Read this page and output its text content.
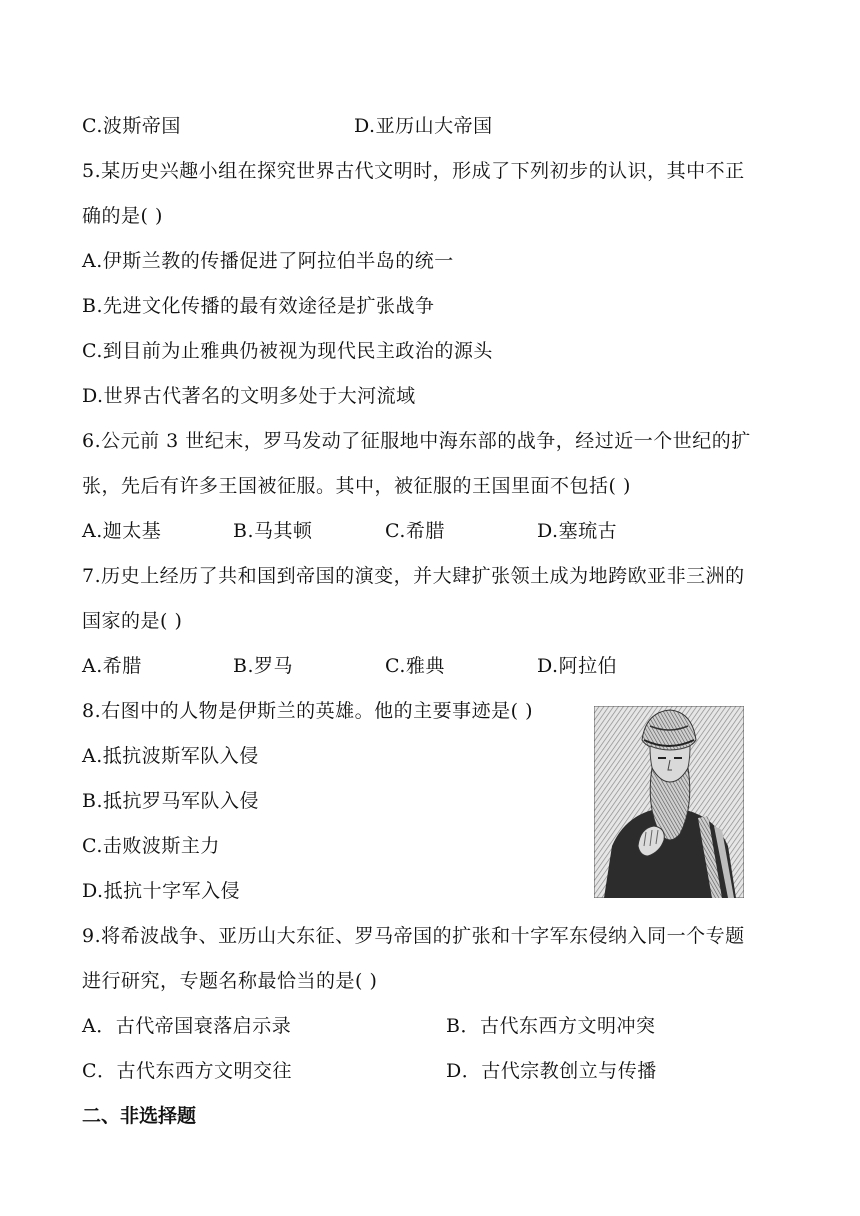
C.波斯帝国	D.亚历山大帝国
5.某历史兴趣小组在探究世界古代文明时，形成了下列初步的认识，其中不正
确的是( )
A.伊斯兰教的传播促进了阿拉伯半岛的统一
B.先进文化传播的最有效途径是扩张战争
C.到目前为止雅典仍被视为现代民主政治的源头
D.世界古代著名的文明多处于大河流域
6.公元前 3 世纪末，罗马发动了征服地中海东部的战争，经过近一个世纪的扩
张，先后有许多王国被征服。其中，被征服的王国里面不包括( )
A.迦太基	B.马其顿	C.希腊	D.塞琉古
7.历史上经历了共和国到帝国的演变，并大肆扩张领土成为地跨欧亚非三洲的
国家的是( )
A.希腊	B.罗马	C.雅典	D.阿拉伯
8.右图中的人物是伊斯兰的英雄。他的主要事迹是( )
A.抵抗波斯军队入侵
B.抵抗罗马军队入侵
C.击败波斯主力
D.抵抗十字军入侵
9.将希波战争、亚历山大东征、罗马帝国的扩张和十字军东侵纳入同一个专题
进行研究，专题名称最恰当的是( )
A．古代帝国衰落启示录	B．古代东西方文明冲突
C．古代东西方文明交往	D．古代宗教创立与传播
二、非选择题
